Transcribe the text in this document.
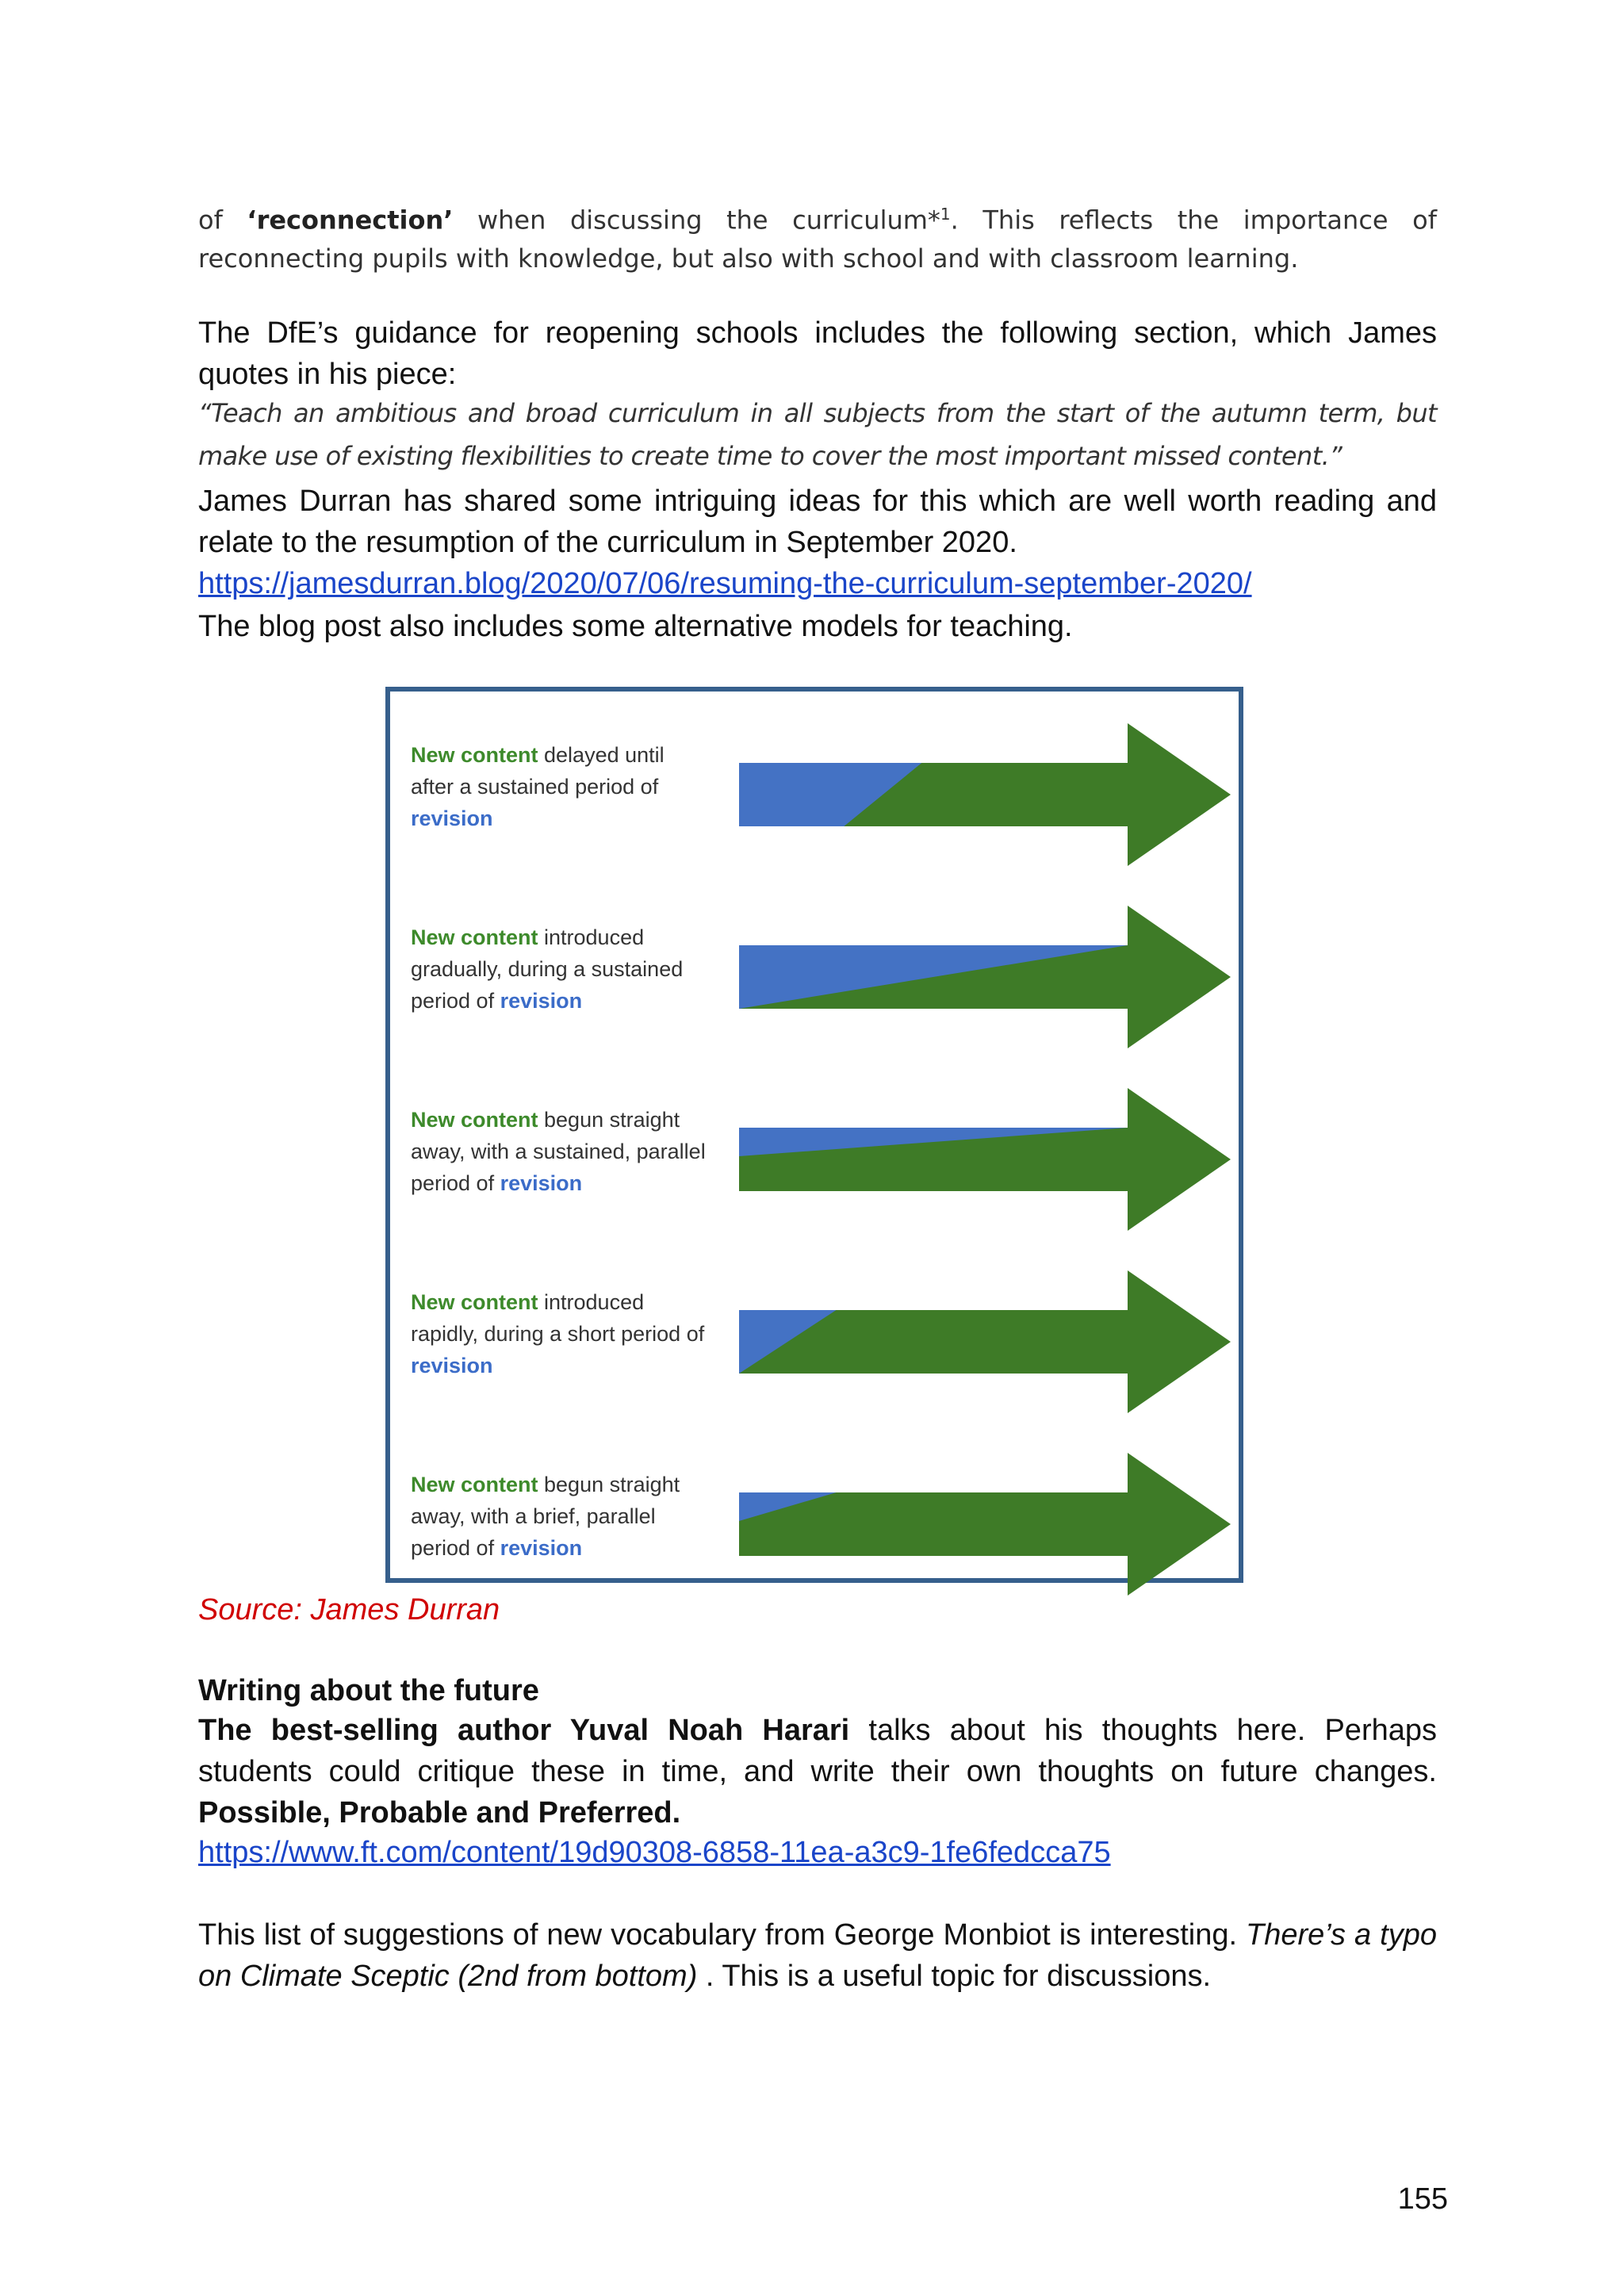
of ‘reconnection’ when discussing the curriculum*$^1$. This reflects the importance of reconnecting pupils with knowledge, but also with school and with classroom learning.

The DfE’s guidance for reopening schools includes the following section, which James quotes in his piece:

“Teach an ambitious and broad curriculum in all subjects from the start of the autumn term, but make use of existing flexibilities to create time to cover the most important missed content.”

James Durran has shared some intriguing ideas for this which are well worth reading and relate to the resumption of the curriculum in September 2020.

https://jamesdurran.blog/2020/07/06/resuming-the-curriculum-september-2020/

The blog post also includes some alternative models for teaching.

New content delayed until after a sustained period of revision
New content introduced gradually, during a sustained period of revision
New content begun straight away, with a sustained, parallel period of revision
New content introduced rapidly, during a short period of revision
New content begun straight away, with a brief, parallel period of revision

Source: James Durran

Writing about the future

The best-selling author Yuval Noah Harari talks about his thoughts here. Perhaps students could critique these in time, and write their own thoughts on future changes. Possible, Probable and Preferred.

https://www.ft.com/content/19d90308-6858-11ea-a3c9-1fe6fedcca75

This list of suggestions of new vocabulary from George Monbiot is interesting. There’s a typo on Climate Sceptic (2nd from bottom) . This is a useful topic for discussions.

155
